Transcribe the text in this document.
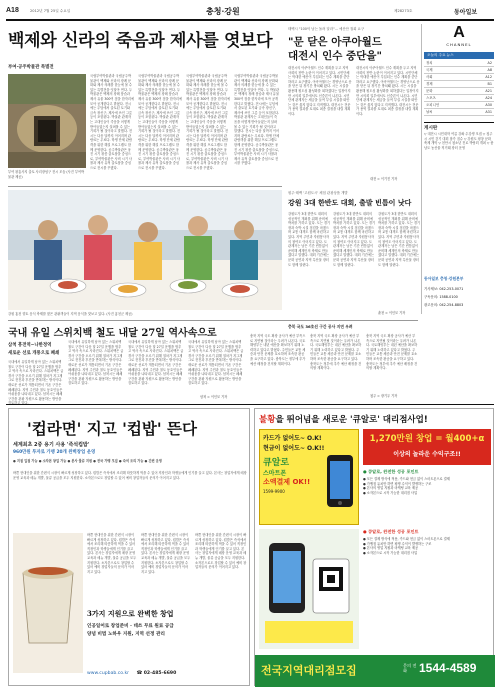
A18	2012년 7월 25일 수요일	충청·강원	제28273호	동아일보
백제와 신라의 죽음과 제사를 엿보다
부여·공주박물관 특별전
부여 왕흥사지 출토 사리장엄구 전시 모습 (사진 부여박물관 제공)
국립부여박물관과 국립공주박물관이 백제와 신라의 장례 문화와 제사 의례를 한눈에 볼 수 있는 특별전을 잇달아 연다. 두 박물관은 백제의 장례 풍습과 제사 유물 300여 점을 한자리에 모아 공개한다고 밝혔다. 전시에는 무덤에서 출토된 토기와 금속 장신구, 제사에 쓰인 그릇 등이 포함된다. 박물관 관계자는 고대인들이 죽음을 어떻게 받아들였는지 살펴볼 수 있는 기회가 될 것이라고 말했다. 전시는 다음 달까지 이어지며 관람료는 무료다. 학생 단체 관람객을 위한 해설 프로그램도 함께 운영한다. 공주박물관은 웅진 시기 왕릉 출토품을 중심으로, 부여박물관은 사비 시기 사찰과 제사 유적 출토품을 중심으로 전시를 꾸몄다.
국립부여박물관과 국립공주박물관이 백제와 신라의 장례 문화와 제사 의례를 한눈에 볼 수 있는 특별전을 잇달아 연다. 두 박물관은 백제의 장례 풍습과 제사 유물 300여 점을 한자리에 모아 공개한다고 밝혔다. 전시에는 무덤에서 출토된 토기와 금속 장신구, 제사에 쓰인 그릇 등이 포함된다. 박물관 관계자는 고대인들이 죽음을 어떻게 받아들였는지 살펴볼 수 있는 기회가 될 것이라고 말했다. 전시는 다음 달까지 이어지며 관람료는 무료다. 학생 단체 관람객을 위한 해설 프로그램도 함께 운영한다. 공주박물관은 웅진 시기 왕릉 출토품을 중심으로, 부여박물관은 사비 시기 사찰과 제사 유적 출토품을 중심으로 전시를 꾸몄다.
국립부여박물관과 국립공주박물관이 백제와 신라의 장례 문화와 제사 의례를 한눈에 볼 수 있는 특별전을 잇달아 연다. 두 박물관은 백제의 장례 풍습과 제사 유물 300여 점을 한자리에 모아 공개한다고 밝혔다. 전시에는 무덤에서 출토된 토기와 금속 장신구, 제사에 쓰인 그릇 등이 포함된다. 박물관 관계자는 고대인들이 죽음을 어떻게 받아들였는지 살펴볼 수 있는 기회가 될 것이라고 말했다. 전시는 다음 달까지 이어지며 관람료는 무료다. 학생 단체 관람객을 위한 해설 프로그램도 함께 운영한다. 공주박물관은 웅진 시기 왕릉 출토품을 중심으로, 부여박물관은 사비 시기 사찰과 제사 유적 출토품을 중심으로 전시를 꾸몄다.
국립부여박물관과 국립공주박물관이 백제와 신라의 장례 문화와 제사 의례를 한눈에 볼 수 있는 특별전을 잇달아 연다. 두 박물관은 백제의 장례 풍습과 제사 유물 300여 점을 한자리에 모아 공개한다고 밝혔다. 전시에는 무덤에서 출토된 토기와 금속 장신구, 제사에 쓰인 그릇 등이 포함된다. 박물관 관계자는 고대인들이 죽음을 어떻게 받아들였는지 살펴볼 수 있는 기회가 될 것이라고 말했다. 전시는 다음 달까지 이어지며 관람료는 무료다. 학생 단체 관람객을 위한 해설 프로그램도 함께 운영한다. 공주박물관은 웅진 시기 왕릉 출토품을 중심으로, 부여박물관은 사비 시기 사찰과 제사 유적 출토품을 중심으로 전시를 꾸몄다.
태백시 "100억 남는 돌려 달라"… 예산안 철회 요구
"문 닫은 아쿠아월드
대전시 인수 중단을"
대전시의 아쿠아월드 인수 계획을 두고 지역 사회의 찬반 논란이 이어지고 있다. 시민단체는 막대한 예산이 투입되는 인수 계획을 중단하라고 요구했다. 아쿠아월드는 경영난으로 문을 닫은 뒤 장기간 방치돼 왔다. 시는 시설을 활용해 원도심 활성화를 꾀하겠다는 입장이지만 시의회 일부에서도 신중론이 나온다. 시민단체 관계자는 세금을 들여 부실 시설을 떠안는 것은 옳지 않다고 지적했다. 대전시는 전문가 용역 결과를 토대로 최종 결정을 내릴 계획이다.
대전시의 아쿠아월드 인수 계획을 두고 지역 사회의 찬반 논란이 이어지고 있다. 시민단체는 막대한 예산이 투입되는 인수 계획을 중단하라고 요구했다. 아쿠아월드는 경영난으로 문을 닫은 뒤 장기간 방치돼 왔다. 시는 시설을 활용해 원도심 활성화를 꾀하겠다는 입장이지만 시의회 일부에서도 신중론이 나온다. 시민단체 관계자는 세금을 들여 부실 시설을 떠안는 것은 옳지 않다고 지적했다. 대전시는 전문가 용역 결과를 토대로 최종 결정을 내릴 계획이다.
대전 = 이기진 기자
A
CHANNEL
오늘의 주요 뉴스
정치	A2
국제	A8
사회	A12
경제	B1
문화	A21
스포츠	A24
오피니언	A30
날씨	A31
게시판
▽ 대전시 시민대학 여름 강좌 수강생 모집 ▽ 청주시 시민 걷기 대회 참가 접수 ▽ 강원도 평창 문화 축제 개막 ▽ 천안시 청소년 진로 박람회 개최 ▽ 충남도 농산물 직거래 장터 운영
동아일보 충청·강원본부
기사제보: 042-253-0071
구독문의: 1588-0100
광고문의: 042-254-8803
강원 홍천 향토 음식 축제를 찾은 관광객들이 지역 음식을 맛보고 있다. (사진 홍천군 제공)
원주·태백 '고원도시' 체험 관광상품 개발
강원 3대 한반도 대회, 출발 빈틈이 낫다
강원도가 3대 한반도 대회의 성공적인 개최를 위해 준비에 박차를 가하고 있다. 도는 경기장과 숙박 시설 점검을 마쳤으며 교통 대책도 함께 마련하고 있다. 지역 주민과 자원봉사자의 참여도 이어지고 있다. 도 관계자는 남은 기간 빈틈없이 준비해 세계인의 축제로 만들겠다고 말했다. 대회 기간에는 문화 공연과 지역 특산물 장터도 함께 열린다.
강원도가 3대 한반도 대회의 성공적인 개최를 위해 준비에 박차를 가하고 있다. 도는 경기장과 숙박 시설 점검을 마쳤으며 교통 대책도 함께 마련하고 있다. 지역 주민과 자원봉사자의 참여도 이어지고 있다. 도 관계자는 남은 기간 빈틈없이 준비해 세계인의 축제로 만들겠다고 말했다. 대회 기간에는 문화 공연과 지역 특산물 장터도 함께 열린다.
강원도가 3대 한반도 대회의 성공적인 개최를 위해 준비에 박차를 가하고 있다. 도는 경기장과 숙박 시설 점검을 마쳤으며 교통 대책도 함께 마련하고 있다. 지역 주민과 자원봉사자의 참여도 이어지고 있다. 도 관계자는 남은 기간 빈틈없이 준비해 세계인의 축제로 만들겠다고 말했다. 대회 기간에는 문화 공연과 지역 특산물 장터도 함께 열린다.
춘천 = 이인모 기자
국내 유일 스위치백 철도 내달 27일 역사속으로
삼척 흥전역~나한정역
새로운 선로 개통으로 폐쇄
국내에서 유일하게 남아 있는 스위치백 철도 구간이 다음 달 27일 운행을 멈추고 역사 속으로 사라진다. 스위치백은 급경사 구간을 오르기 위해 열차가 지그재그로 전진과 후진을 반복하는 방식이다. 새로운 선로가 개통되면서 기존 구간은 폐쇄된다. 지역 주민과 철도 동호인들은 아쉬움을 나타내고 있다. 삼척시는 폐쇄 구간을 관광 자원으로 활용하는 방안을
국내에서 유일하게 남아 있는 스위치백 철도 구간이 다음 달 27일 운행을 멈추고 역사 속으로 사라진다. 스위치백은 급경사 구간을 오르기 위해 열차가 지그재그로 전진과 후진을 반복하는 방식이다. 새로운 선로가 개통되면서 기존 구간은 폐쇄된다. 지역 주민과 철도 동호인들은 아쉬움을 나타내고 있다. 삼척시는 폐쇄 구간을 관광 자원으로 활용하는 방안을 검토하고 있다.
국내에서 유일하게 남아 있는 스위치백 철도 구간이 다음 달 27일 운행을 멈추고 역사 속으로 사라진다. 스위치백은 급경사 구간을 오르기 위해 열차가 지그재그로 전진과 후진을 반복하는 방식이다. 새로운 선로가 개통되면서 기존 구간은 폐쇄된다. 지역 주민과 철도 동호인들은 아쉬움을 나타내고 있다. 삼척시는 폐쇄 구간을 관광 자원으로 활용하는 방안을 검토하고 있다.
국내에서 유일하게 남아 있는 스위치백 철도 구간이 다음 달 27일 운행을 멈추고 역사 속으로 사라진다. 스위치백은 급경사 구간을 오르기 위해 열차가 지그재그로 전진과 후진을 반복하는 방식이다. 새로운 선로가 개통되면서 기존 구간은 폐쇄된다. 지역 주민과 철도 동호인들은 아쉬움을 나타내고 있다. 삼척시는 폐쇄 구간을 관광 자원으로 활용하는 방안을 검토하고 있다.
삼척 = 이인모 기자
충북 국도 36호선 구간 공사 지연 우려
충북 지역 국도 확장 공사가 예산 부족으로 지연될 것이라는 우려가 나온다. 국토해양부는 내년 예산을 확보하기 위해 노력하고 있다고 밝혔다. 주민들은 교통 체증과 안전 문제를 호소하며 조속한 완공을 요구하고 있다. 충북도는 정부에 추가 예산 배정을 건의할 계획이다.
충북 지역 국도 확장 공사가 예산 부족으로 지연될 것이라는 우려가 나온다. 국토해양부는 내년 예산을 확보하기 위해 노력하고 있다고 밝혔다. 주민들은 교통 체증과 안전 문제를 호소하며 조속한 완공을 요구하고 있다. 충북도는 정부에 추가 예산 배정을 건의할 계획이다.
충북 지역 국도 확장 공사가 예산 부족으로 지연될 것이라는 우려가 나온다. 국토해양부는 내년 예산을 확보하기 위해 노력하고 있다고 밝혔다. 주민들은 교통 체증과 안전 문제를 호소하며 조속한 완공을 요구하고 있다. 충북도는 정부에 추가 예산 배정을 건의할 계획이다.
청주 = 장기우 기자
'컵라면' 지고 '컵밥' 뜬다
세계최초 2중 용기 사용 '즉석컵밥'
960만원 투자로 가맹 20개 완벽창업 운영
● 지점 입점 가능 ● 소자본 창업 가능 ● 본사 물류 지원 ● 전국 가맹 모집 ● 즉석 조리 가능 ● 간편 운영
바쁜 현대인을 위한 간편식 시장이 빠르게 성장하고 있다. 컵밥은 즉석에서 조리해 따뜻하게 먹을 수 있어 직장인과 학생들에게 인기를 끌고 있다. 본사는 창업자에게 매장 운영 교육과 메뉴 개발, 물류 공급을 모두 지원한다. 소자본으로도 창업할 수 있어 예비 창업자들의 문의가 이어지고 있다.
바쁜 현대인을 위한 간편식 시장이 빠르게 성장하고 있다. 컵밥은 즉석에서 조리해 따뜻하게 먹을 수 있어 직장인과 학생들에게 인기를 끌고 있다. 본사는 창업자에게 매장 운영 교육과 메뉴 개발, 물류 공급을 모두 지원한다. 소자본으로도 창업할 수 있어 예비 창업자들의 문의가 이어지고 있다.
바쁜 현대인을 위한 간편식 시장이 빠르게 성장하고 있다. 컵밥은 즉석에서 조리해 따뜻하게 먹을 수 있어 직장인과 학생들에게 인기를 끌고 있다. 본사는 창업자에게 매장 운영 교육과 메뉴 개발, 물류 공급을 모두 지원한다. 소자본으로도 창업할 수 있어 예비 창업자들의 문의가 이어지고 있다.
바쁜 현대인을 위한 간편식 시장이 빠르게 성장하고 있다. 컵밥은 즉석에서 조리해 따뜻하게 먹을 수 있어 직장인과 학생들에게 인기를 끌고 있다. 본사는 창업자에게 매장 운영 교육과 메뉴 개발, 물류 공급을 모두 지원한다. 소자본으로도 창업할 수 있어 예비 창업자들의 문의가 이어지고 있다.
3가지 지원으로 완벽한 창업
인공일어로 창업준비 · 데쓰 무료 원료 공급
양념 비법 노하우 지원, 지역 선정 관리
www.cupbab.co.kr ☎ 02-485-6690
불황을 뛰어넘을 새로운 '큐알로' 대리점사업!
카드가 없어도~ O.K!
현금이 없어도~ O.K!!
큐알로
스마트폰
소액결제 OK!!
1599-9900
1,270만원 창업 = 월400+α
이상의 놀라운 수익구조!!
● 큐알로, 완전한 성공 포인트
● 모든 결제 방식에 적용, 카드와 현금 없이 스마트폰으로 결제
● 가맹점 유치만 하면 평생 수익이 발생하는 구조
● 본사의 영업 지원과 마케팅 교육 제공
● 소자본으로 시작 가능한 대리점 사업
● 큐알로, 완전한 성공 포인트
● 모든 결제 방식에 적용, 카드와 현금 없이 스마트폰으로 결제
● 가맹점 유치만 하면 평생 수익이 발생하는 구조
● 본사의 영업 지원과 마케팅 교육 제공
● 소자본으로 시작 가능한 대리점 사업
전국지역대리점모집	문의 전화 1544-4589
